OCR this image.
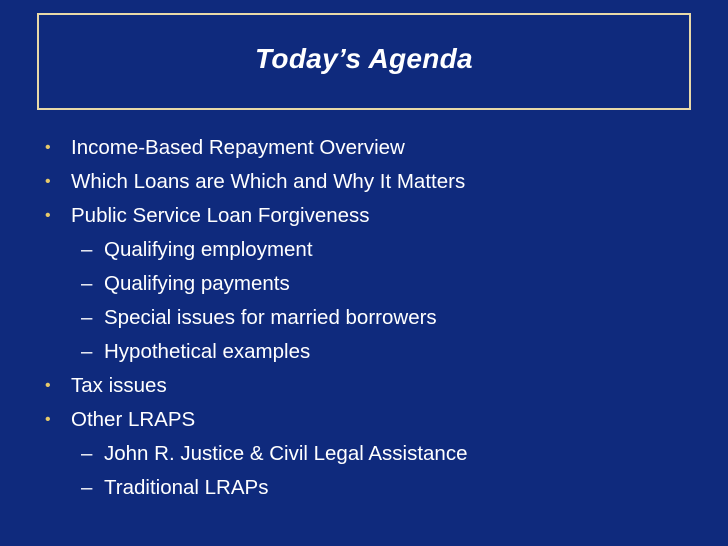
Today’s Agenda
• Income-Based Repayment Overview
• Which Loans are Which and Why It Matters
• Public Service Loan Forgiveness
– Qualifying employment
– Qualifying payments
– Special issues for married borrowers
– Hypothetical examples
• Tax issues
• Other LRAPS
– John R. Justice & Civil Legal Assistance
– Traditional LRAPs
